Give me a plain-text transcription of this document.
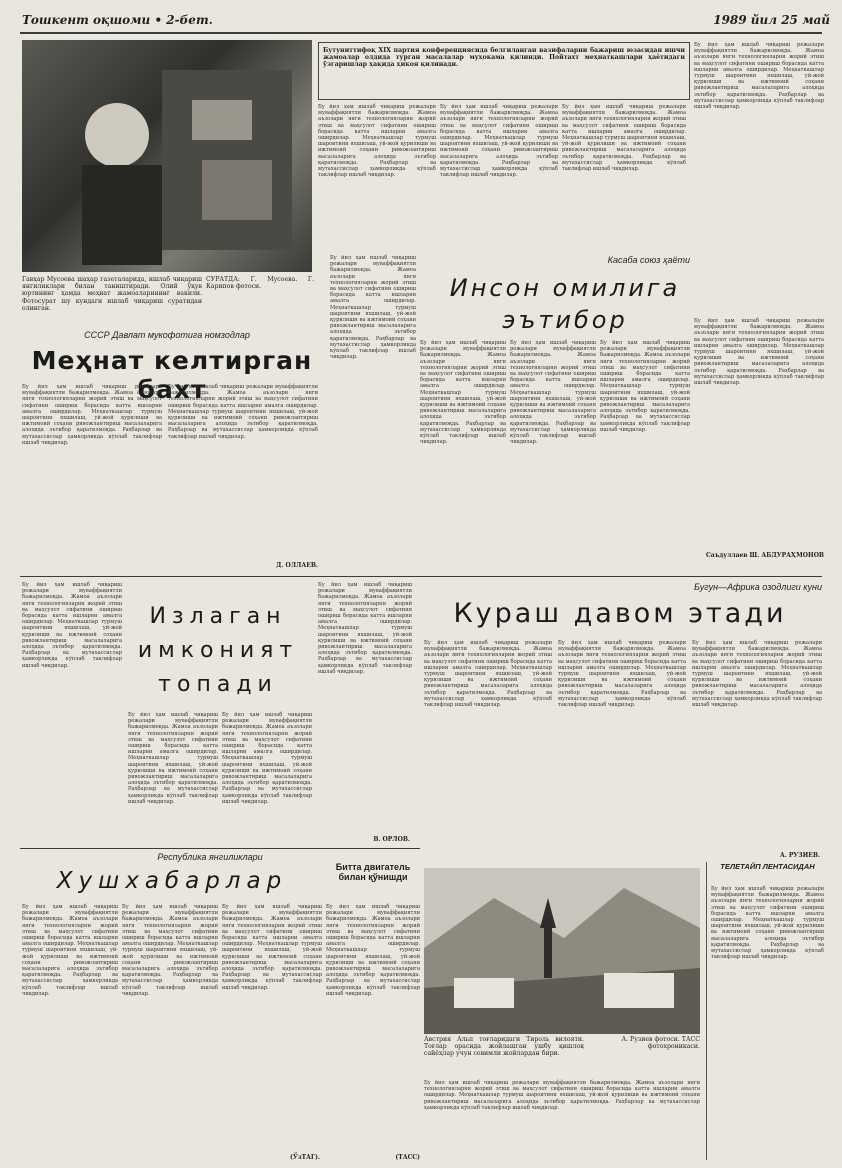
Тошкент оқшоми • 2-бет.	1989 йил 25 май
Гавҳар Мусоева шаҳар газеталарида, ишлаб чиқариш янгиликлари билан таништиради. Олий ўқув юртининг ҳамда меҳнат жамоаларининг вакили. Фотосурат шу кундаги ишлаб чиқариш суратидан олинган.
СУРАТДА: Г. Мусоева. Г. Карипов фотоси.
Бутуниттифоқ XIX партия конференциясида белгиланган вазифаларни бажариш юзасидан ишчи жамоалар олдида турган масалалар муҳокама қилинди. Пойтахт меҳнаткашлари ҳаётидаги ўзгаришлар ҳақида ҳикоя қилинади.
Бу йил ҳам ишлаб чиқариш режалари муваффақиятли бажарилмоқда. Жамоа аъзолари янги технологияларни жорий этиш ва маҳсулот сифатини ошириш борасида катта ишларни амалга оширдилар. Меҳнаткашлар турмуш шароитини яхшилаш, уй-жой қурилиши ва ижтимоий соҳани ривожлантириш масалаларига алоҳида эътибор қаратилмоқда. Раҳбарлар ва мутахассислар ҳамкорликда кўплаб таклифлар ишлаб чиқдилар.
Бу йил ҳам ишлаб чиқариш режалари муваффақиятли бажарилмоқда. Жамоа аъзолари янги технологияларни жорий этиш ва маҳсулот сифатини ошириш борасида катта ишларни амалга оширдилар. Меҳнаткашлар турмуш шароитини яхшилаш, уй-жой қурилиши ва ижтимоий соҳани ривожлантириш масалаларига алоҳида эътибор қаратилмоқда. Раҳбарлар ва мутахассислар ҳамкорликда кўплаб таклифлар ишлаб чиқдилар.
Бу йил ҳам ишлаб чиқариш режалари муваффақиятли бажарилмоқда. Жамоа аъзолари янги технологияларни жорий этиш ва маҳсулот сифатини ошириш борасида катта ишларни амалга оширдилар. Меҳнаткашлар турмуш шароитини яхшилаш, уй-жой қурилиши ва ижтимоий соҳани ривожлантириш масалаларига алоҳида эътибор қаратилмоқда. Раҳбарлар ва мутахассислар ҳамкорликда кўплаб таклифлар ишлаб чиқдилар.
Бу йил ҳам ишлаб чиқариш режалари муваффақиятли бажарилмоқда. Жамоа аъзолари янги технологияларни жорий этиш ва маҳсулот сифатини ошириш борасида катта ишларни амалга оширдилар. Меҳнаткашлар турмуш шароитини яхшилаш, уй-жой қурилиши ва ижтимоий соҳани ривожлантириш масалаларига алоҳида эътибор қаратилмоқда. Раҳбарлар ва мутахассислар ҳамкорликда кўплаб таклифлар ишлаб чиқдилар.
СССР Давлат мукофотига номзодлар
Меҳнат келтирган бахт
Бу йил ҳам ишлаб чиқариш режалари муваффақиятли бажарилмоқда. Жамоа аъзолари янги технологияларни жорий этиш ва маҳсулот сифатини ошириш борасида катта ишларни амалга оширдилар. Меҳнаткашлар турмуш шароитини яхшилаш, уй-жой қурилиши ва ижтимоий соҳани ривожлантириш масалаларига алоҳида эътибор қаратилмоқда. Раҳбарлар ва мутахассислар ҳамкорликда кўплаб таклифлар ишлаб чиқдилар.
Бу йил ҳам ишлаб чиқариш режалари муваффақиятли бажарилмоқда. Жамоа аъзолари янги технологияларни жорий этиш ва маҳсулот сифатини ошириш борасида катта ишларни амалга оширдилар. Меҳнаткашлар турмуш шароитини яхшилаш, уй-жой қурилиши ва ижтимоий соҳани ривожлантириш масалаларига алоҳида эътибор қаратилмоқда. Раҳбарлар ва мутахассислар ҳамкорликда кўплаб таклифлар ишлаб чиқдилар.
Д. ОЛЛАЕВ.
Касаба союз ҳаёти
Инсон омилига эътибор
Бу йил ҳам ишлаб чиқариш режалари муваффақиятли бажарилмоқда. Жамоа аъзолари янги технологияларни жорий этиш ва маҳсулот сифатини ошириш борасида катта ишларни амалга оширдилар. Меҳнаткашлар турмуш шароитини яхшилаш, уй-жой қурилиши ва ижтимоий соҳани ривожлантириш масалаларига алоҳида эътибор қаратилмоқда. Раҳбарлар ва мутахассислар ҳамкорликда кўплаб таклифлар ишлаб чиқдилар.
Бу йил ҳам ишлаб чиқариш режалари муваффақиятли бажарилмоқда. Жамоа аъзолари янги технологияларни жорий этиш ва маҳсулот сифатини ошириш борасида катта ишларни амалга оширдилар. Меҳнаткашлар турмуш шароитини яхшилаш, уй-жой қурилиши ва ижтимоий соҳани ривожлантириш масалаларига алоҳида эътибор қаратилмоқда. Раҳбарлар ва мутахассислар ҳамкорликда кўплаб таклифлар ишлаб чиқдилар.
Бу йил ҳам ишлаб чиқариш режалари муваффақиятли бажарилмоқда. Жамоа аъзолари янги технологияларни жорий этиш ва маҳсулот сифатини ошириш борасида катта ишларни амалга оширдилар. Меҳнаткашлар турмуш шароитини яхшилаш, уй-жой қурилиши ва ижтимоий соҳани ривожлантириш масалаларига алоҳида эътибор қаратилмоқда. Раҳбарлар ва мутахассислар ҳамкорликда кўплаб таклифлар ишлаб чиқдилар.
Бу йил ҳам ишлаб чиқариш режалари муваффақиятли бажарилмоқда. Жамоа аъзолари янги технологияларни жорий этиш ва маҳсулот сифатини ошириш борасида катта ишларни амалга оширдилар. Меҳнаткашлар турмуш шароитини яхшилаш, уй-жой қурилиши ва ижтимоий соҳани ривожлантириш масалаларига алоҳида эътибор қаратилмоқда. Раҳбарлар ва мутахассислар ҳамкорликда кўплаб таклифлар ишлаб чиқдилар.
Бу йил ҳам ишлаб чиқариш режалари муваффақиятли бажарилмоқда. Жамоа аъзолари янги технологияларни жорий этиш ва маҳсулот сифатини ошириш борасида катта ишларни амалга оширдилар. Меҳнаткашлар турмуш шароитини яхшилаш, уй-жой қурилиши ва ижтимоий соҳани ривожлантириш масалаларига алоҳида эътибор қаратилмоқда. Раҳбарлар ва мутахассислар ҳамкорликда кўплаб таклифлар ишлаб чиқдилар.
Саъдуллаев Ш. АБДУРАҲМОНОВ
Бу йил ҳам ишлаб чиқариш режалари муваффақиятли бажарилмоқда. Жамоа аъзолари янги технологияларни жорий этиш ва маҳсулот сифатини ошириш борасида катта ишларни амалга оширдилар. Меҳнаткашлар турмуш шароитини яхшилаш, уй-жой қурилиши ва ижтимоий соҳани ривожлантириш масалаларига алоҳида эътибор қаратилмоқда. Раҳбарлар ва мутахассислар ҳамкорликда кўплаб таклифлар ишлаб чиқдилар.
Излаган имконият топади
Бу йил ҳам ишлаб чиқариш режалари муваффақиятли бажарилмоқда. Жамоа аъзолари янги технологияларни жорий этиш ва маҳсулот сифатини ошириш борасида катта ишларни амалга оширдилар. Меҳнаткашлар турмуш шароитини яхшилаш, уй-жой қурилиши ва ижтимоий соҳани ривожлантириш масалаларига алоҳида эътибор қаратилмоқда. Раҳбарлар ва мутахассислар ҳамкорликда кўплаб таклифлар ишлаб чиқдилар.
Бу йил ҳам ишлаб чиқариш режалари муваффақиятли бажарилмоқда. Жамоа аъзолари янги технологияларни жорий этиш ва маҳсулот сифатини ошириш борасида катта ишларни амалга оширдилар. Меҳнаткашлар турмуш шароитини яхшилаш, уй-жой қурилиши ва ижтимоий соҳани ривожлантириш масалаларига алоҳида эътибор қаратилмоқда. Раҳбарлар ва мутахассислар ҳамкорликда кўплаб таклифлар ишлаб чиқдилар.
Бу йил ҳам ишлаб чиқариш режалари муваффақиятли бажарилмоқда. Жамоа аъзолари янги технологияларни жорий этиш ва маҳсулот сифатини ошириш борасида катта ишларни амалга оширдилар. Меҳнаткашлар турмуш шароитини яхшилаш, уй-жой қурилиши ва ижтимоий соҳани ривожлантириш масалаларига алоҳида эътибор қаратилмоқда. Раҳбарлар ва мутахассислар ҳамкорликда кўплаб таклифлар ишлаб чиқдилар.
В. ОРЛОВ.
Бугун—Африка озодлиги куни
Кураш давом этади
Бу йил ҳам ишлаб чиқариш режалари муваффақиятли бажарилмоқда. Жамоа аъзолари янги технологияларни жорий этиш ва маҳсулот сифатини ошириш борасида катта ишларни амалга оширдилар. Меҳнаткашлар турмуш шароитини яхшилаш, уй-жой қурилиши ва ижтимоий соҳани ривожлантириш масалаларига алоҳида эътибор қаратилмоқда. Раҳбарлар ва мутахассислар ҳамкорликда кўплаб таклифлар ишлаб чиқдилар.
Бу йил ҳам ишлаб чиқариш режалари муваффақиятли бажарилмоқда. Жамоа аъзолари янги технологияларни жорий этиш ва маҳсулот сифатини ошириш борасида катта ишларни амалга оширдилар. Меҳнаткашлар турмуш шароитини яхшилаш, уй-жой қурилиши ва ижтимоий соҳани ривожлантириш масалаларига алоҳида эътибор қаратилмоқда. Раҳбарлар ва мутахассислар ҳамкорликда кўплаб таклифлар ишлаб чиқдилар.
Бу йил ҳам ишлаб чиқариш режалари муваффақиятли бажарилмоқда. Жамоа аъзолари янги технологияларни жорий этиш ва маҳсулот сифатини ошириш борасида катта ишларни амалга оширдилар. Меҳнаткашлар турмуш шароитини яхшилаш, уй-жой қурилиши ва ижтимоий соҳани ривожлантириш масалаларига алоҳида эътибор қаратилмоқда. Раҳбарлар ва мутахассислар ҳамкорликда кўплаб таклифлар ишлаб чиқдилар.
А. РУЗИЕВ.
Республика янгиликлари
Хушхабарлар
Бу йил ҳам ишлаб чиқариш режалари муваффақиятли бажарилмоқда. Жамоа аъзолари янги технологияларни жорий этиш ва маҳсулот сифатини ошириш борасида катта ишларни амалга оширдилар. Меҳнаткашлар турмуш шароитини яхшилаш, уй-жой қурилиши ва ижтимоий соҳани ривожлантириш масалаларига алоҳида эътибор қаратилмоқда. Раҳбарлар ва мутахассислар ҳамкорликда кўплаб таклифлар ишлаб чиқдилар.
Бу йил ҳам ишлаб чиқариш режалари муваффақиятли бажарилмоқда. Жамоа аъзолари янги технологияларни жорий этиш ва маҳсулот сифатини ошириш борасида катта ишларни амалга оширдилар. Меҳнаткашлар турмуш шароитини яхшилаш, уй-жой қурилиши ва ижтимоий соҳани ривожлантириш масалаларига алоҳида эътибор қаратилмоқда. Раҳбарлар ва мутахассислар ҳамкорликда кўплаб таклифлар ишлаб чиқдилар.
Бу йил ҳам ишлаб чиқариш режалари муваффақиятли бажарилмоқда. Жамоа аъзолари янги технологияларни жорий этиш ва маҳсулот сифатини ошириш борасида катта ишларни амалга оширдилар. Меҳнаткашлар турмуш шароитини яхшилаш, уй-жой қурилиши ва ижтимоий соҳани ривожлантириш масалаларига алоҳида эътибор қаратилмоқда. Раҳбарлар ва мутахассислар ҳамкорликда кўплаб таклифлар ишлаб чиқдилар.
(ЎзТАГ).
Битта двигатель билан қўнишди
Бу йил ҳам ишлаб чиқариш режалари муваффақиятли бажарилмоқда. Жамоа аъзолари янги технологияларни жорий этиш ва маҳсулот сифатини ошириш борасида катта ишларни амалга оширдилар. Меҳнаткашлар турмуш шароитини яхшилаш, уй-жой қурилиши ва ижтимоий соҳани ривожлантириш масалаларига алоҳида эътибор қаратилмоқда. Раҳбарлар ва мутахассислар ҳамкорликда кўплаб таклифлар ишлаб чиқдилар.
(ТАСС)
Австрия Альп тоғларидаги Тироль вилояти. Тоғлар орасида жойлашган ушбу қишлоқ сайёҳлар учун севимли жойлардан бири.
А. Рузиев фотоси. ТАСС фотохроникаси.
Бу йил ҳам ишлаб чиқариш режалари муваффақиятли бажарилмоқда. Жамоа аъзолари янги технологияларни жорий этиш ва маҳсулот сифатини ошириш борасида катта ишларни амалга оширдилар. Меҳнаткашлар турмуш шароитини яхшилаш, уй-жой қурилиши ва ижтимоий соҳани ривожлантириш масалаларига алоҳида эътибор қаратилмоқда. Раҳбарлар ва мутахассислар ҳамкорликда кўплаб таклифлар ишлаб чиқдилар.
ТЕЛЕТАЙП ЛЕНТАСИДАН
Бу йил ҳам ишлаб чиқариш режалари муваффақиятли бажарилмоқда. Жамоа аъзолари янги технологияларни жорий этиш ва маҳсулот сифатини ошириш борасида катта ишларни амалга оширдилар. Меҳнаткашлар турмуш шароитини яхшилаш, уй-жой қурилиши ва ижтимоий соҳани ривожлантириш масалаларига алоҳида эътибор қаратилмоқда. Раҳбарлар ва мутахассислар ҳамкорликда кўплаб таклифлар ишлаб чиқдилар.
